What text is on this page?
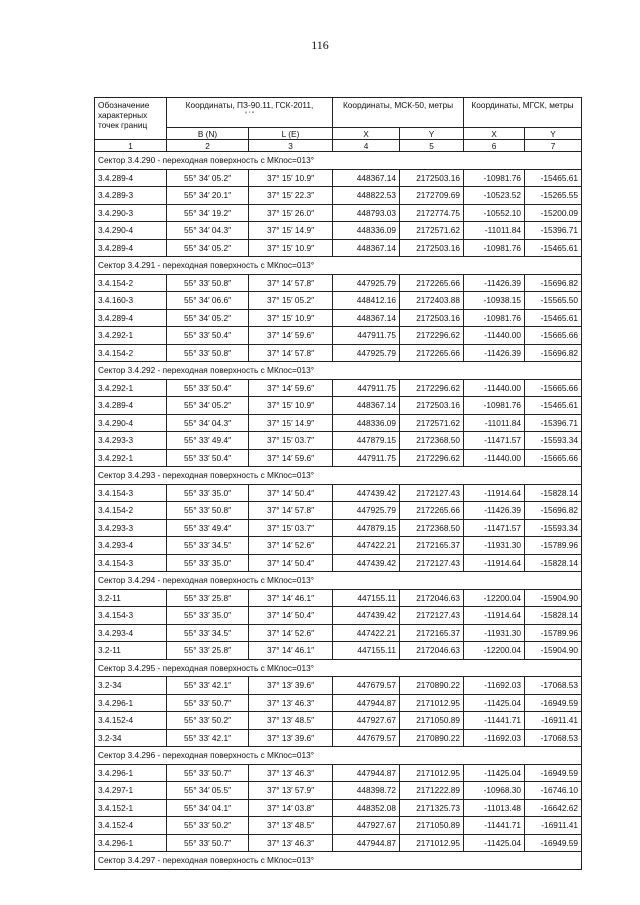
116
Обозначение характерных точек границ	Координаты, ПЗ-90.11, ГСК-2011,
° ′ ″		Координаты, МСК-50, метры		Координаты, МГСК, метры	
	B (N)	L (E)	X	Y	X	Y
1	2	3	4	5	6	7
Сектор 3.4.290 - переходная поверхность с МКпос=013°						
3.4.289-4	55° 34′ 05.2″	37° 15′ 10.9″	448367.14	2172503.16	-10981.76	-15465.61
3.4.289-3	55° 34′ 20.1″	37° 15′ 22.3″	448822.53	2172709.69	-10523.52	-15265.55
3.4.290-3	55° 34′ 19.2″	37° 15′ 26.0″	448793.03	2172774.75	-10552.10	-15200.09
3.4.290-4	55° 34′ 04.3″	37° 15′ 14.9″	448336.09	2172571.62	-11011.84	-15396.71
3.4.289-4	55° 34′ 05.2″	37° 15′ 10.9″	448367.14	2172503.16	-10981.76	-15465.61
Сектор 3.4.291 - переходная поверхность с МКпос=013°						
3.4.154-2	55° 33′ 50.8″	37° 14′ 57.8″	447925.79	2172265.66	-11426.39	-15696.82
3.4.160-3	55° 34′ 06.6″	37° 15′ 05.2″	448412.16	2172403.88	-10938.15	-15565.50
3.4.289-4	55° 34′ 05.2″	37° 15′ 10.9″	448367.14	2172503.16	-10981.76	-15465.61
3.4.292-1	55° 33′ 50.4″	37° 14′ 59.6″	447911.75	2172296.62	-11440.00	-15665.66
3.4.154-2	55° 33′ 50.8″	37° 14′ 57.8″	447925.79	2172265.66	-11426.39	-15696.82
Сектор 3.4.292 - переходная поверхность с МКпос=013°						
3.4.292-1	55° 33′ 50.4″	37° 14′ 59.6″	447911.75	2172296.62	-11440.00	-15665.66
3.4.289-4	55° 34′ 05.2″	37° 15′ 10.9″	448367.14	2172503.16	-10981.76	-15465.61
3.4.290-4	55° 34′ 04.3″	37° 15′ 14.9″	448336.09	2172571.62	-11011.84	-15396.71
3.4.293-3	55° 33′ 49.4″	37° 15′ 03.7″	447879.15	2172368.50	-11471.57	-15593.34
3.4.292-1	55° 33′ 50.4″	37° 14′ 59.6″	447911.75	2172296.62	-11440.00	-15665.66
Сектор 3.4.293 - переходная поверхность с МКпос=013°						
3.4.154-3	55° 33′ 35.0″	37° 14′ 50.4″	447439.42	2172127.43	-11914.64	-15828.14
3.4.154-2	55° 33′ 50.8″	37° 14′ 57.8″	447925.79	2172265.66	-11426.39	-15696.82
3.4.293-3	55° 33′ 49.4″	37° 15′ 03.7″	447879.15	2172368.50	-11471.57	-15593.34
3.4.293-4	55° 33′ 34.5″	37° 14′ 52.6″	447422.21	2172165.37	-11931.30	-15789.96
3.4.154-3	55° 33′ 35.0″	37° 14′ 50.4″	447439.42	2172127.43	-11914.64	-15828.14
Сектор 3.4.294 - переходная поверхность с МКпос=013°						
3.2-11	55° 33′ 25.8″	37° 14′ 46.1″	447155.11	2172046.63	-12200.04	-15904.90
3.4.154-3	55° 33′ 35.0″	37° 14′ 50.4″	447439.42	2172127.43	-11914.64	-15828.14
3.4.293-4	55° 33′ 34.5″	37° 14′ 52.6″	447422.21	2172165.37	-11931.30	-15789.96
3.2-11	55° 33′ 25.8″	37° 14′ 46.1″	447155.11	2172046.63	-12200.04	-15904.90
Сектор 3.4.295 - переходная поверхность с МКпос=013°						
3.2-34	55° 33′ 42.1″	37° 13′ 39.6″	447679.57	2170890.22	-11692.03	-17068.53
3.4.296-1	55° 33′ 50.7″	37° 13′ 46.3″	447944.87	2171012.95	-11425.04	-16949.59
3.4.152-4	55° 33′ 50.2″	37° 13′ 48.5″	447927.67	2171050.89	-11441.71	-16911.41
3.2-34	55° 33′ 42.1″	37° 13′ 39.6″	447679.57	2170890.22	-11692.03	-17068.53
Сектор 3.4.296 - переходная поверхность с МКпос=013°						
3.4.296-1	55° 33′ 50.7″	37° 13′ 46.3″	447944.87	2171012.95	-11425.04	-16949.59
3.4.297-1	55° 34′ 05.5″	37° 13′ 57.9″	448398.72	2171222.89	-10968.30	-16746.10
3.4.152-1	55° 34′ 04.1″	37° 14′ 03.8″	448352.08	2171325.73	-11013.48	-16642.62
3.4.152-4	55° 33′ 50.2″	37° 13′ 48.5″	447927.67	2171050.89	-11441.71	-16911.41
3.4.296-1	55° 33′ 50.7″	37° 13′ 46.3″	447944.87	2171012.95	-11425.04	-16949.59
Сектор 3.4.297 - переходная поверхность с МКпос=013°						
